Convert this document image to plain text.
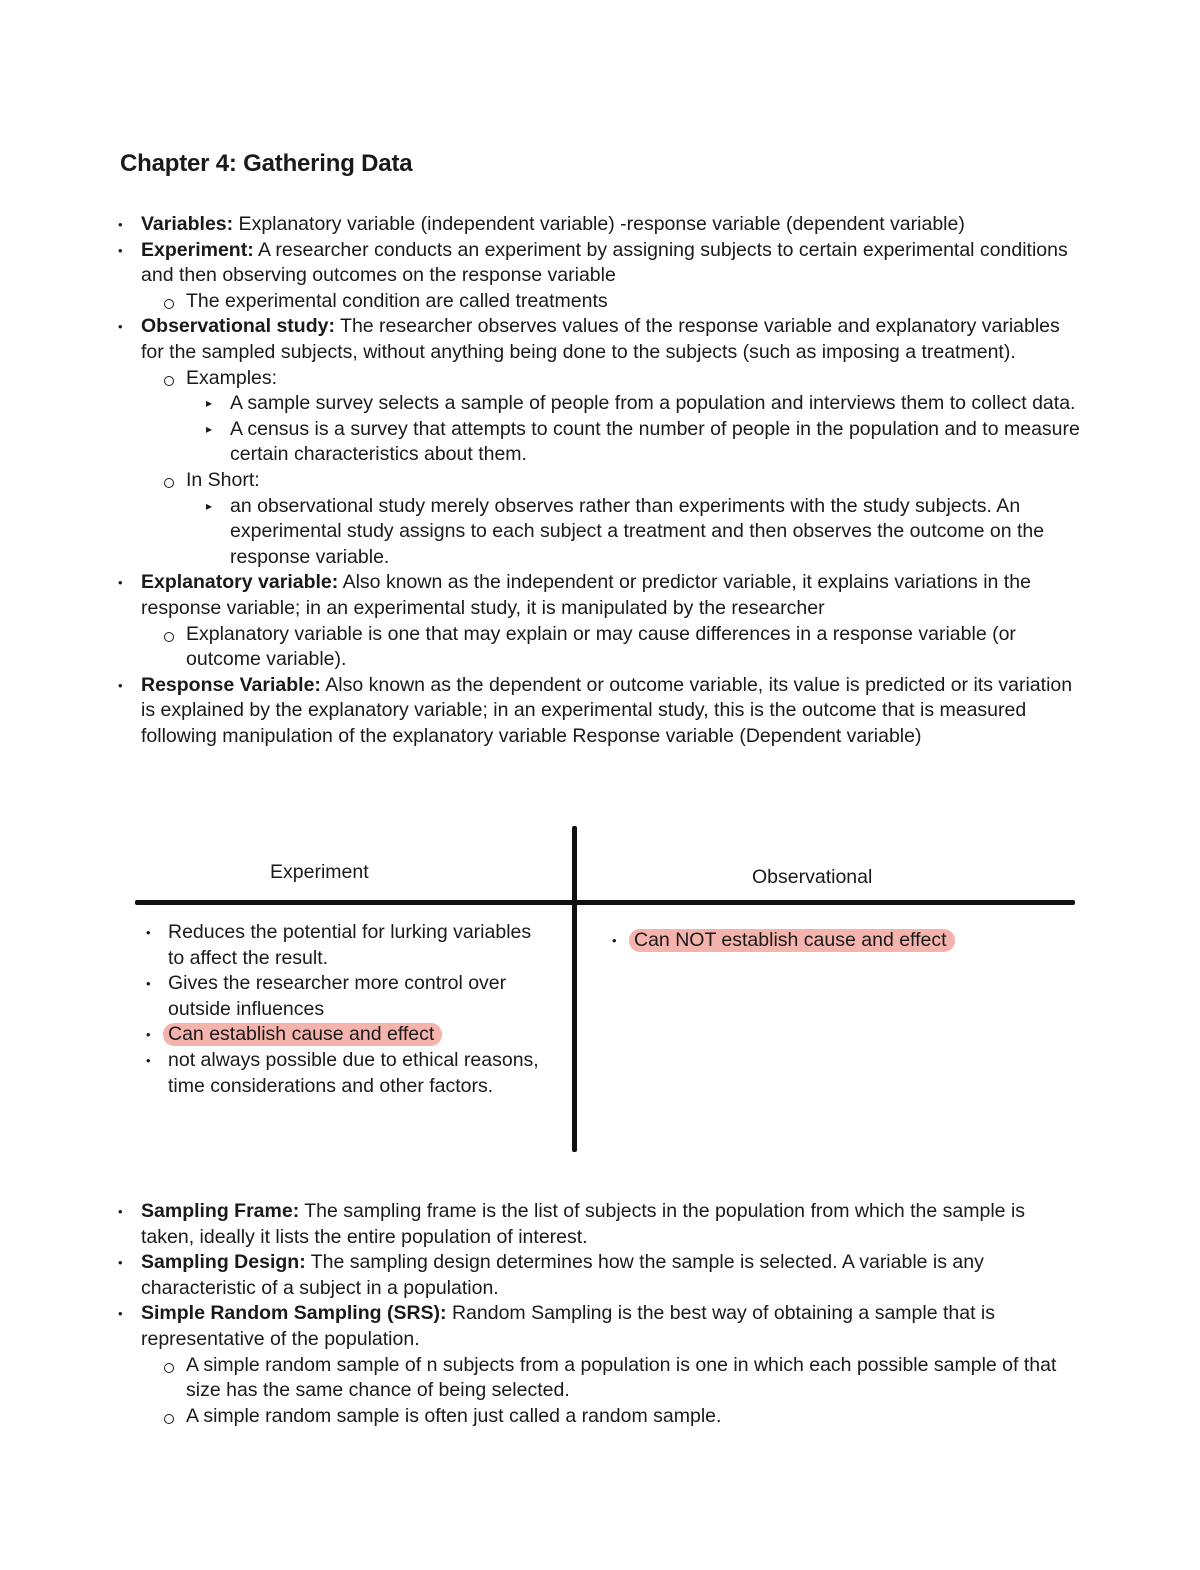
Chapter 4: Gathering Data
• Variables: Explanatory variable (independent variable) -response variable (dependent variable)
• Experiment: A researcher conducts an experiment by assigning subjects to certain experimental conditions and then observing outcomes on the response variable
The experimental condition are called treatments
• Observational study: The researcher observes values of the response variable and explanatory variables for the sampled subjects, without anything being done to the subjects (such as imposing a treatment).
Examples:
▸ A sample survey selects a sample of people from a population and interviews them to collect data.
▸ A census is a survey that attempts to count the number of people in the population and to measure certain characteristics about them.
In Short:
▸ an observational study merely observes rather than experiments with the study subjects. An experimental study assigns to each subject a treatment and then observes the outcome on the response variable.
• Explanatory variable: Also known as the independent or predictor variable, it explains variations in the response variable; in an experimental study, it is manipulated by the researcher
Explanatory variable is one that may explain or may cause differences in a response variable (or outcome variable).
• Response Variable: Also known as the dependent or outcome variable, its value is predicted or its variation is explained by the explanatory variable; in an experimental study, this is the outcome that is measured following manipulation of the explanatory variable Response variable (Dependent variable)
Experiment	Observational
• Reduces the potential for lurking variables to affect the result.
• Gives the researcher more control over outside influences
• Can establish cause and effect
• not always possible due to ethical reasons, time considerations and other factors.
• Can NOT establish cause and effect
• Sampling Frame: The sampling frame is the list of subjects in the population from which the sample is taken, ideally it lists the entire population of interest.
• Sampling Design: The sampling design determines how the sample is selected. A variable is any characteristic of a subject in a population.
• Simple Random Sampling (SRS): Random Sampling is the best way of obtaining a sample that is representative of the population.
A simple random sample of n subjects from a population is one in which each possible sample of that size has the same chance of being selected.
A simple random sample is often just called a random sample.
